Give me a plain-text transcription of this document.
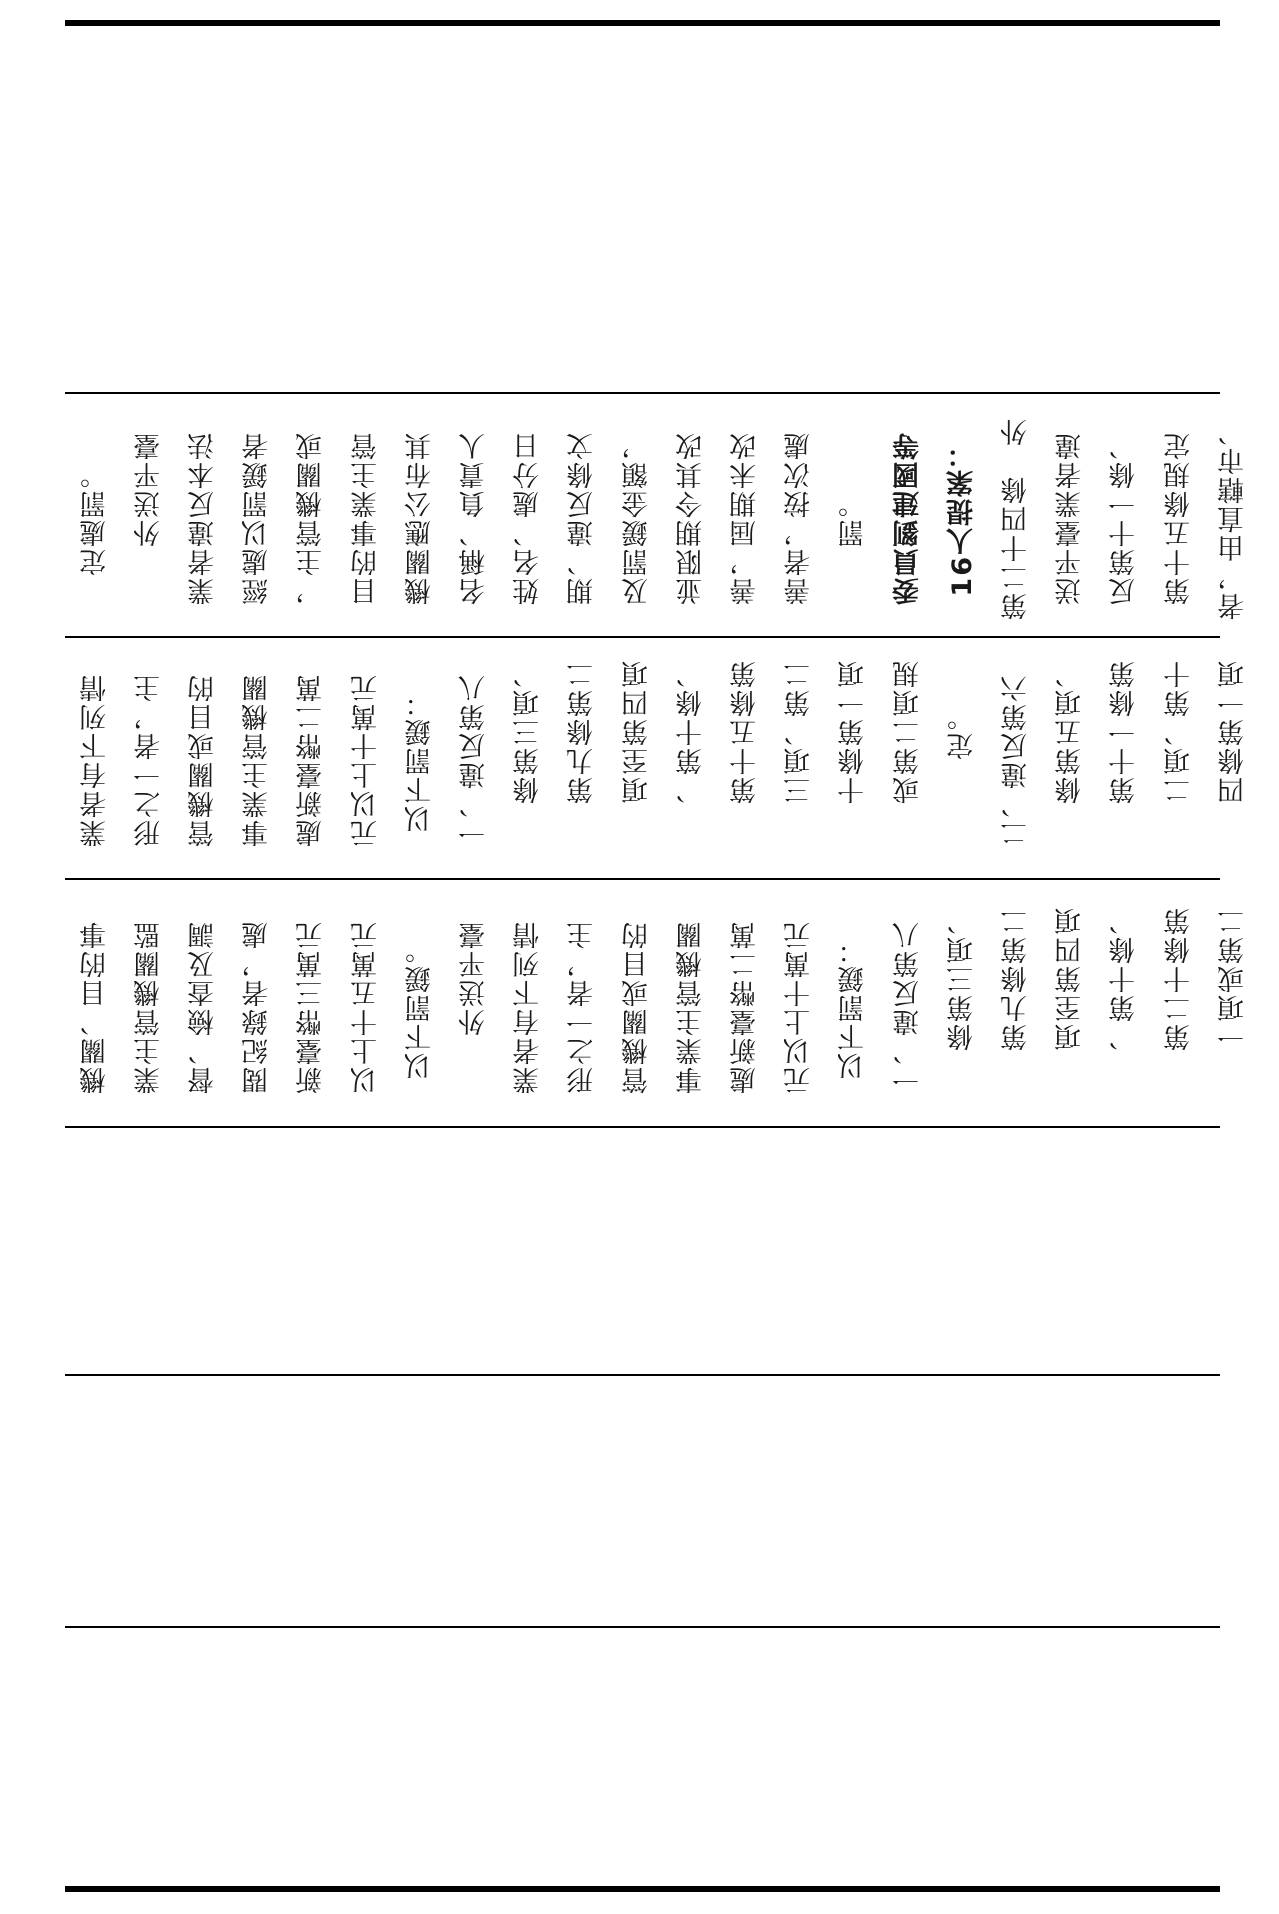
定處罰。 　　外送平臺 業者違反本法 經處以罰鍰者 ，主管機關或 目的事業主管 機關應公布其 名稱、負責人 姓名、處分日 期、違反條文 及罰鍰金額， 並限期令其改 善，屆期未改 善者，按次處 罰。 委員劉建國等 16人提案： 第二十四條　外 送平臺業者違 反第十一條、 第十五條規定 者，由直轄市、
業者有下列情 形之一者，主 管機關或目的 事業主管機關 處新臺幣二萬 元以上十萬元 以下罰鍰： 一、違反第八 　　條第三項、 　　第九條第二 　　項至第四項 　　、第十條、 　　第十五條第 　　三項、第二 　　十條第一項 　　或第二項規 　　定。 二、違反第六 　　條第五項、 　　第十一條第 　　二項、第十 　　四條第一項
機關、目的事 業主管機關監 督、檢查及調 閱紀錄者，處 新臺幣三萬元 以上十五萬元 以下罰鍰。 　　外送平臺 業者有下列情 形之一者，主 管機關或目的 事業主管機關 處新臺幣二萬 元以上十萬元 以下罰鍰： 一、違反第八 　　條第三項、 　　第九條第二 　　項至第四項 　　、第十條、 　　第二十條第 　　一項或第二
